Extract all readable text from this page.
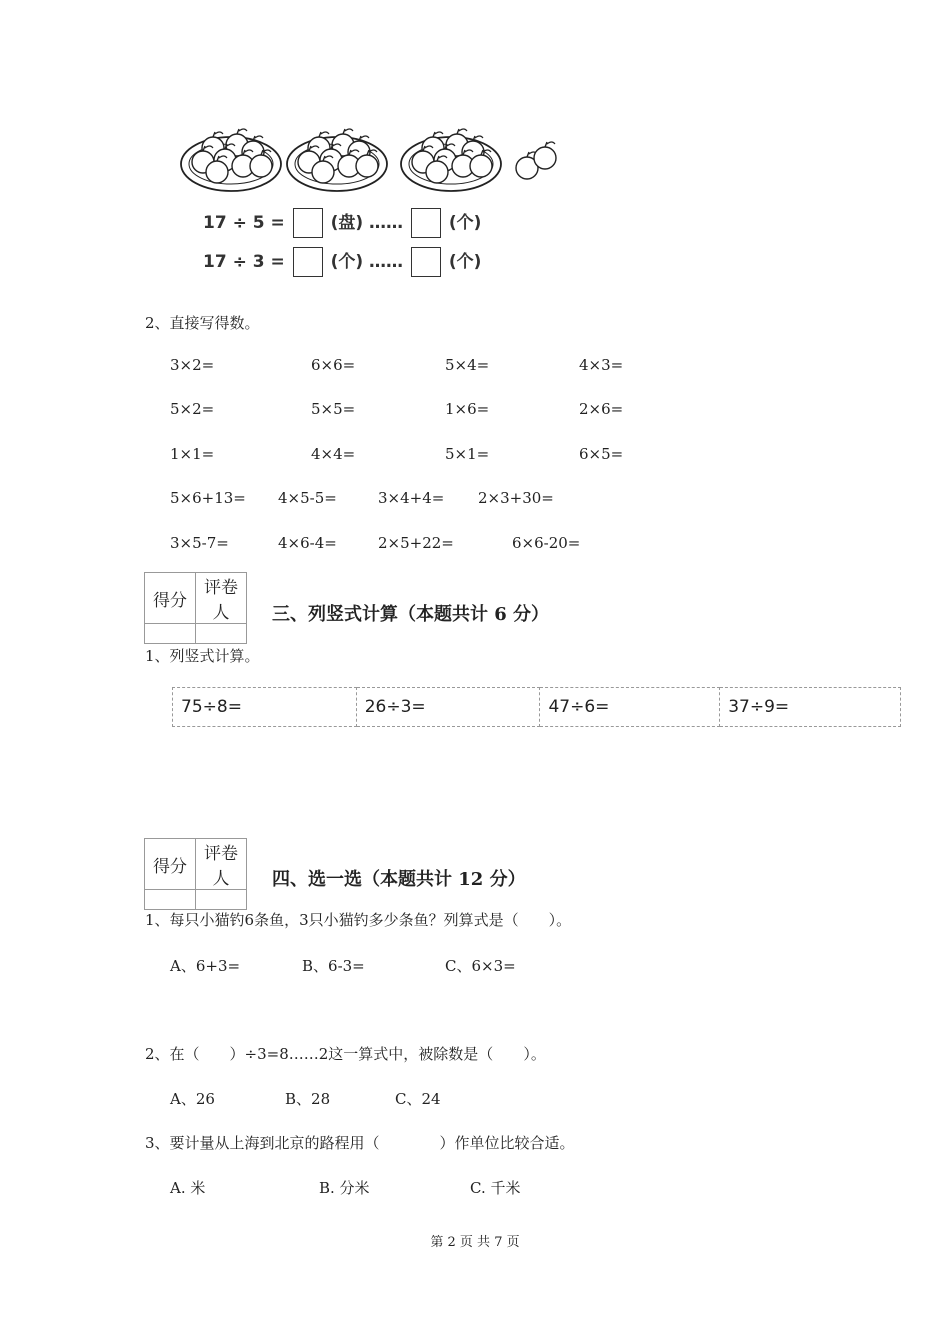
17 ÷ 5 =	(盘) ……	(个)
17 ÷ 3 =	(个) ……	(个)
2、直接写得数。
3×2=	6×6=	5×4=	4×3=
5×2=	5×5=	1×6=	2×6=
1×1=	4×4=	5×1=	6×5=
5×6+13= 4×5-5=	3×4+4= 2×3+30=
3×5-7=	4×6-4=	2×5+22=	6×6-20=
得分	评卷人
	三、列竖式计算（本题共计 6 分）
1、列竖式计算。
75÷8=	26÷3=	47÷6=	37÷9=
得分	评卷人
	四、选一选（本题共计 12 分）
1、每只小猫钓6条鱼，3只小猫钓多少条鱼？列算式是（　　）。
A、6+3=	B、6-3=	C、6×3=
2、在（　　）÷3=8……2这一算式中，被除数是（　　）。
A、26	B、28	C、24
3、要计量从上海到北京的路程用（　　　　）作单位比较合适。
A. 米	B. 分米	C. 千米
第 2 页 共 7 页
